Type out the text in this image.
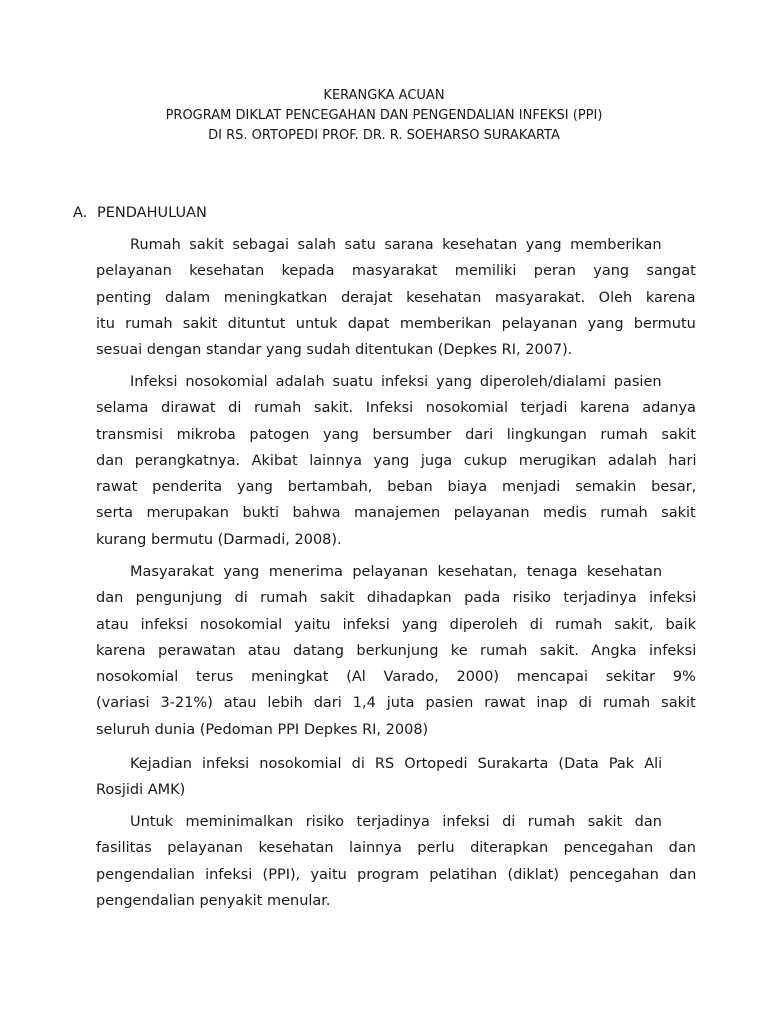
KERANGKA ACUAN
PROGRAM DIKLAT PENCEGAHAN DAN PENGENDALIAN INFEKSI (PPI)
DI RS. ORTOPEDI PROF. DR. R. SOEHARSO SURAKARTA
A. PENDAHULUAN

Rumah sakit sebagai salah satu sarana kesehatan yang memberikan
pelayanan kesehatan kepada masyarakat memiliki peran yang sangat
penting dalam meningkatkan derajat kesehatan masyarakat. Oleh karena
itu rumah sakit dituntut untuk dapat memberikan pelayanan yang bermutu
sesuai dengan standar yang sudah ditentukan (Depkes RI, 2007).

Infeksi nosokomial adalah suatu infeksi yang diperoleh/dialami pasien
selama dirawat di rumah sakit. Infeksi nosokomial terjadi karena adanya
transmisi mikroba patogen yang bersumber dari lingkungan rumah sakit
dan perangkatnya. Akibat lainnya yang juga cukup merugikan adalah hari
rawat penderita yang bertambah, beban biaya menjadi semakin besar,
serta merupakan bukti bahwa manajemen pelayanan medis rumah sakit
kurang bermutu (Darmadi, 2008).

Masyarakat yang menerima pelayanan kesehatan, tenaga kesehatan
dan pengunjung di rumah sakit dihadapkan pada risiko terjadinya infeksi
atau infeksi nosokomial yaitu infeksi yang diperoleh di rumah sakit, baik
karena perawatan atau datang berkunjung ke rumah sakit. Angka infeksi
nosokomial terus meningkat (Al Varado, 2000) mencapai sekitar 9%
(variasi 3-21%) atau lebih dari 1,4 juta pasien rawat inap di rumah sakit
seluruh dunia (Pedoman PPI Depkes RI, 2008)

Kejadian infeksi nosokomial di RS Ortopedi Surakarta (Data Pak Ali
Rosjidi AMK)

Untuk meminimalkan risiko terjadinya infeksi di rumah sakit dan
fasilitas pelayanan kesehatan lainnya perlu diterapkan pencegahan dan
pengendalian infeksi (PPI), yaitu program pelatihan (diklat) pencegahan dan
pengendalian penyakit menular.
